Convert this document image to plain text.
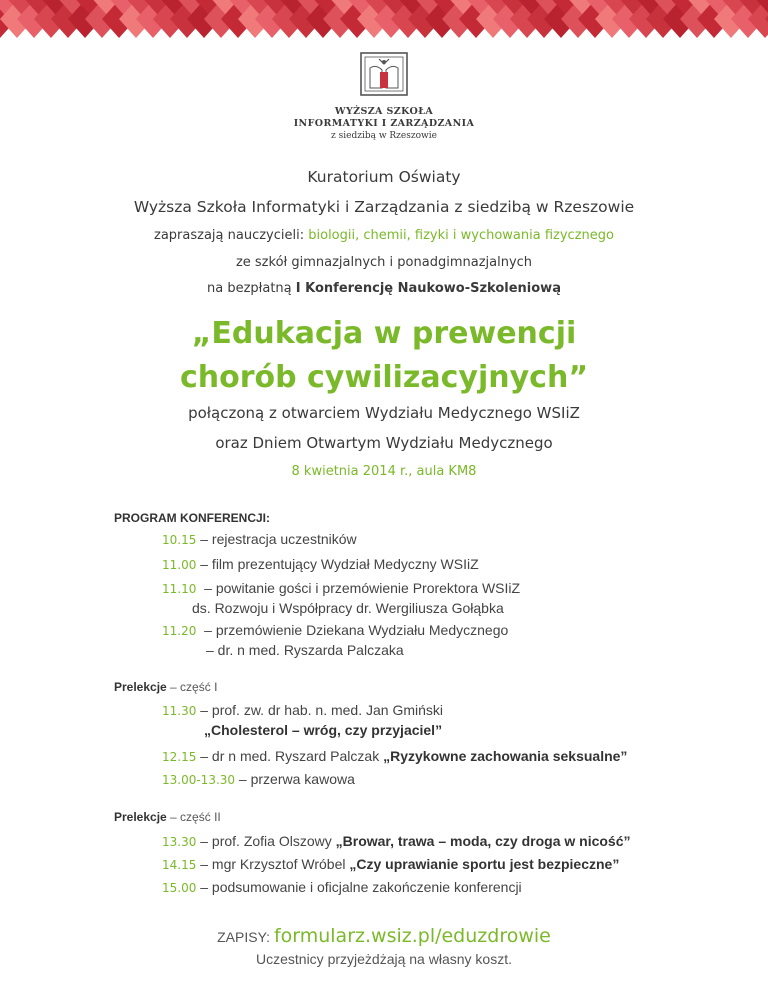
WYŻSZA SZKOŁA
INFORMATYKI I ZARZĄDZANIA
z siedzibą w Rzeszowie
Kuratorium Oświaty
Wyższa Szkoła Informatyki i Zarządzania z siedzibą w Rzeszowie
zapraszają nauczycieli: biologii, chemii, fizyki i wychowania fizycznego
ze szkół gimnazjalnych i ponadgimnazjalnych
na bezpłatną I Konferencję Naukowo-Szkoleniową
„Edukacja w prewencji
chorób cywilizacyjnych”
połączoną z otwarciem Wydziału Medycznego WSIiZ
oraz Dniem Otwartym Wydziału Medycznego
8 kwietnia 2014 r., aula KM8
PROGRAM KONFERENCJI:
10.15 – rejestracja uczestników
11.00 – film prezentujący Wydział Medyczny WSIiZ
11.10  – powitanie gości i przemówienie Prorektora WSIiZ
ds. Rozwoju i Współpracy dr. Wergiliusza Gołąbka
11.20  – przemówienie Dziekana Wydziału Medycznego
– dr. n med. Ryszarda Palczaka
Prelekcje – część I
11.30 – prof. zw. dr hab. n. med. Jan Gmiński
„Cholesterol – wróg, czy przyjaciel”
12.15 – dr n med. Ryszard Palczak „Ryzykowne zachowania seksualne”
13.00-13.30 – przerwa kawowa
Prelekcje – część II
13.30 – prof. Zofia Olszowy „Browar, trawa – moda, czy droga w nicość”
14.15 – mgr Krzysztof Wróbel „Czy uprawianie sportu jest bezpieczne”
15.00 – podsumowanie i oficjalne zakończenie konferencji
ZAPISY: formularz.wsiz.pl/eduzdrowie
Uczestnicy przyjeżdżają na własny koszt.
